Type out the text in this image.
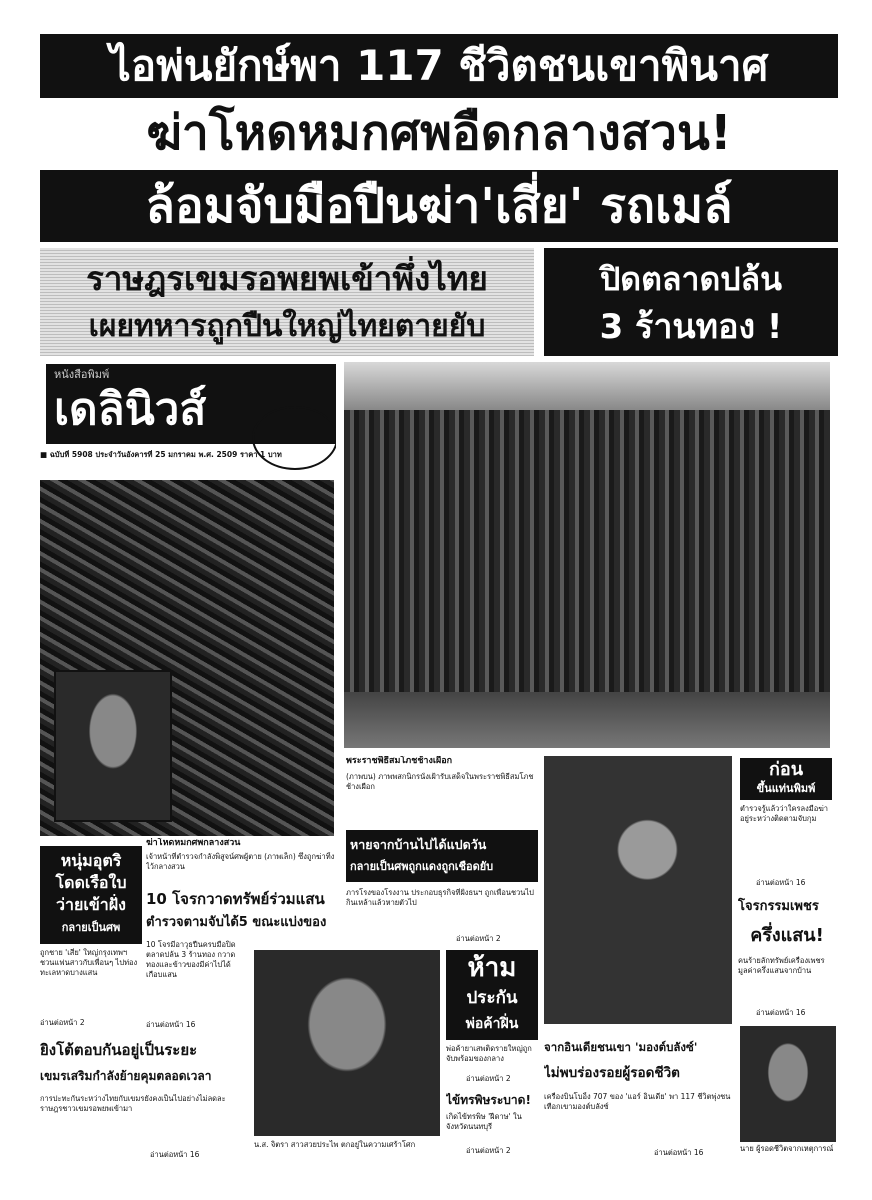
ไอพ่นยักษ์พา 117 ชีวิตชนเขาพินาศ
ฆ่าโหดหมกศพอืดกลางสวน!
ล้อมจับมือปืนฆ่า'เสี่ย' รถเมล์
ราษฎรเขมรอพยพเข้าพึ่งไทย
เผยทหารถูกปืนใหญ่ไทยตายยับ
ปิดตลาดปล้น
3 ร้านทอง !
หนังสือพิมพ์
เดลินิวส์
■ ฉบับที่ 5908 ประจำวันอังคารที่ 25 มกราคม พ.ศ. 2509 ราคา 1 บาท
พระราชพิธีสมโภชช้างเผือก
(ภาพบน) ภาพพสกนิกรนั่งเฝ้ารับเสด็จในพระราชพิธีสมโภชช้างเผือก
ฆ่าโหดหมกศพกลางสวน
เจ้าหน้าที่ตำรวจกำลังพิสูจน์ศพผู้ตาย (ภาพเล็ก) ซึ่งถูกฆ่าทิ้งไว้กลางสวน
หนุ่มอุตริ
โดดเรือใบ
ว่ายเข้าฝั่ง
กลายเป็นศพ
ถูกชาย 'เสี่ย' ใหญ่กรุงเทพฯ ชวนแฟนสาวกับเพื่อนๆ ไปท่องทะเลหาดบางแสน
อ่านต่อหน้า 2
10 โจรกวาดทรัพย์ร่วมแสน
ตำรวจตามจับได้5 ขณะแบ่งของ
10 โจรมีอาวุธปืนครบมือปิดตลาดปล้น 3 ร้านทอง กวาดทองและข้าวของมีค่าไปได้เกือบแสน
อ่านต่อหน้า 16
น.ส. จิตรา สาวสวยประไพ ตกอยู่ในความเศร้าโศก
ยิงโต้ตอบกันอยู่เป็นระยะ
เขมรเสริมกำลังย้ายคุมตลอดเวลา
การปะทะกันระหว่างไทยกับเขมรยังคงเป็นไปอย่างไม่ลดละ ราษฎรชาวเขมรอพยพเข้ามา
อ่านต่อหน้า 16
หายจากบ้านไปได้แปดวัน
กลายเป็นศพถูกแดงถูกเชือดยับ
ภารโรงของโรงงาน ประกอบธุรกิจที่ฝั่งธนฯ ถูกเพื่อนชวนไปกินเหล้าแล้วหายตัวไป
อ่านต่อหน้า 2
ห้าม
ประกัน
พ่อค้าฝิ่น
พ่อค้ายาเสพติดรายใหญ่ถูกจับพร้อมของกลาง
อ่านต่อหน้า 2
ไข้ทรพิษระบาด!
เกิดไข้ทรพิษ 'ฝีดาษ' ในจังหวัดนนทบุรี
อ่านต่อหน้า 2
ก่อน
ขึ้นแท่นพิมพ์
ตำรวจรู้แล้วว่าใครลงมือฆ่า อยู่ระหว่างติดตามจับกุม
อ่านต่อหน้า 16
โจรกรรมเพชร
ครึ่งแสน!
คนร้ายลักทรัพย์เครื่องเพชรมูลค่าครึ่งแสนจากบ้าน
อ่านต่อหน้า 16
จากอินเดียชนเขา 'มองต์บลังซ์'
ไม่พบร่องรอยผู้รอดชีวิต
เครื่องบินโบอิ้ง 707 ของ 'แอร์ อินเดีย' พา 117 ชีวิตพุ่งชนเทือกเขามองต์บลังซ์
อ่านต่อหน้า 16	นาย ผู้รอดชีวิตจากเหตุการณ์
